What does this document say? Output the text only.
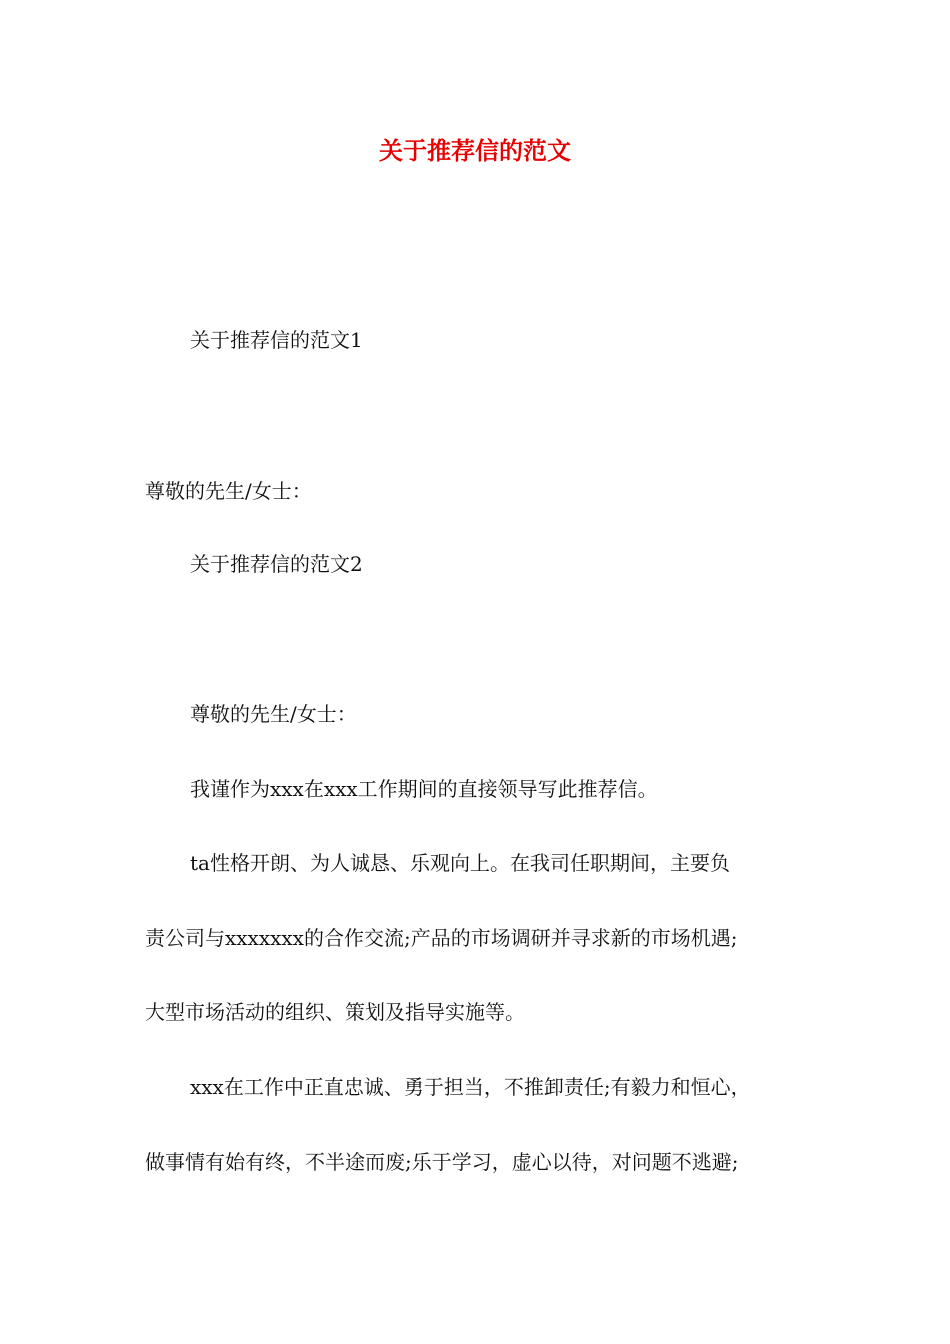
关于推荐信的范文

关于推荐信的范文1

尊敬的先生/女士：

关于推荐信的范文2

尊敬的先生/女士：

我谨作为xxx在xxx工作期间的直接领导写此推荐信。

ta性格开朗、为人诚恳、乐观向上。在我司任职期间，主要负

责公司与xxxxxxx的合作交流;产品的市场调研并寻求新的市场机遇;

大型市场活动的组织、策划及指导实施等。

xxx在工作中正直忠诚、勇于担当，不推卸责任;有毅力和恒心，

做事情有始有终，不半途而废;乐于学习，虚心以待，对问题不逃避;
